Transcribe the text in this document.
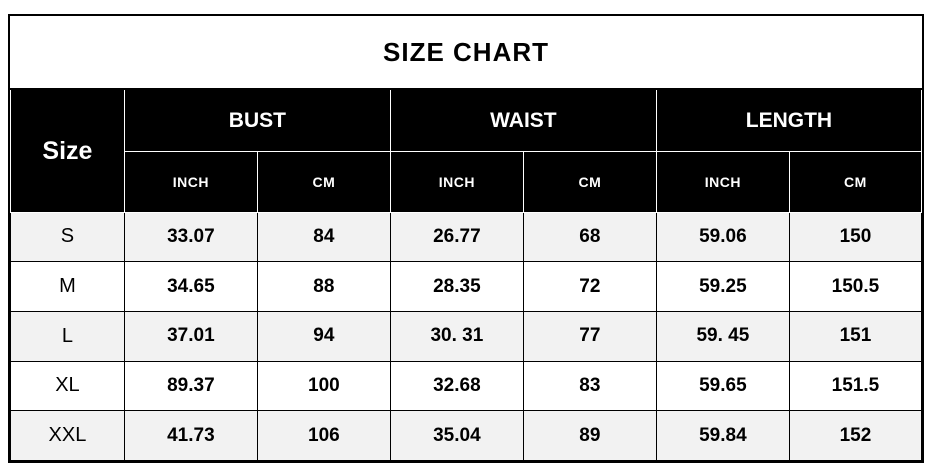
SIZE CHART						
Size	BUST		WAIST		LENGTH	
	INCH	CM	INCH	CM	INCH	CM
S	33.07	84	26.77	68	59.06	150
M	34.65	88	28.35	72	59.25	150.5
L	37.01	94	30. 31	77	59. 45	151
XL	89.37	100	32.68	83	59.65	151.5
XXL	41.73	106	35.04	89	59.84	152
